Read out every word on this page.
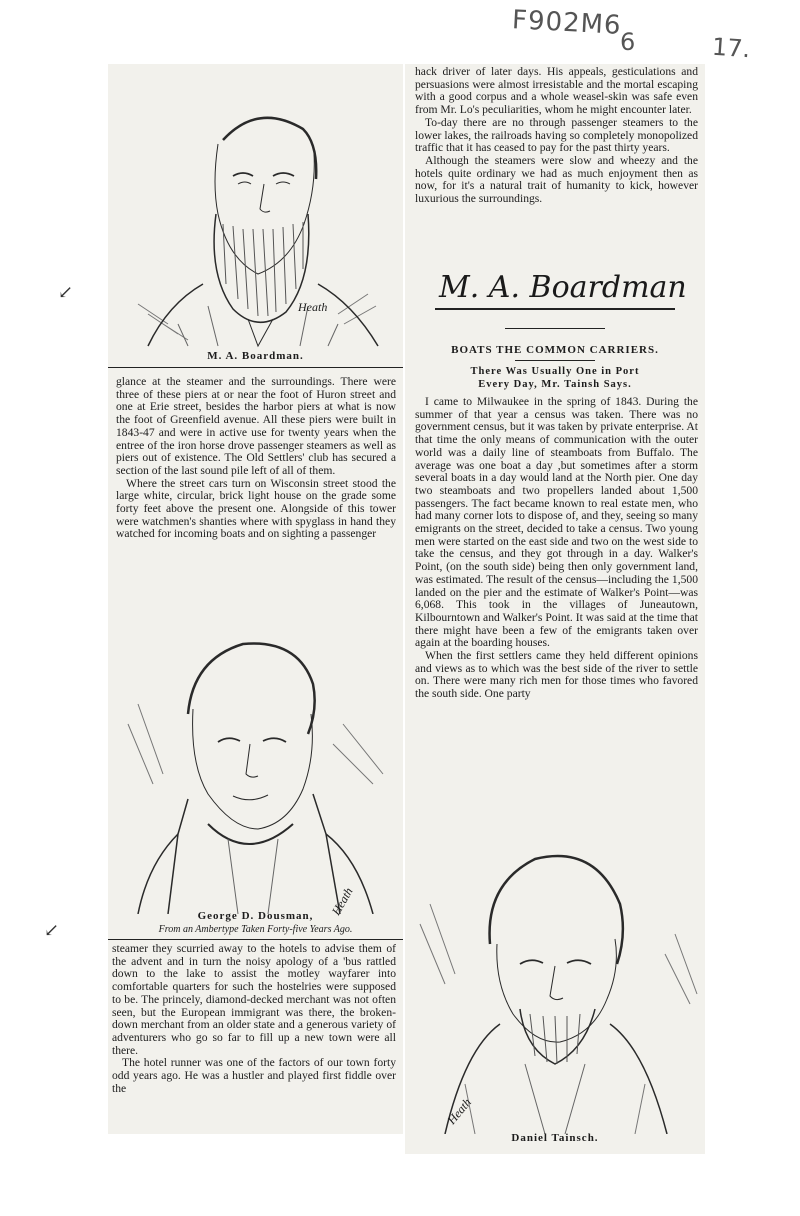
F902M6
6	17.
↙
↙
Heath
M. A. Boardman.

glance at the steamer and the surroundings. There were three of these piers at or near the foot of Huron street and one at Erie street, besides the harbor piers at what is now the foot of Greenfield avenue. All these piers were built in 1843-47 and were in active use for twenty years when the entree of the iron horse drove passenger steamers as well as piers out of existence. The Old Settlers' club has secured a section of the last sound pile left of all of them.

Where the street cars turn on Wisconsin street stood the large white, circular, brick light house on the grade some forty feet above the present one. Alongside of this tower were watchmen's shanties where with spyglass in hand they watched for incoming boats and on sighting a passenger

Heath
George D. Dousman,
From an Ambertype Taken Forty-five Years Ago.

steamer they scurried away to the hotels to advise them of the advent and in turn the noisy apology of a 'bus rattled down to the lake to assist the motley wayfarer into comfortable quarters for such the hostelries were supposed to be. The princely, diamond-decked merchant was not often seen, but the European immigrant was there, the broken-down merchant from an older state and a generous variety of adventurers who go so far to fill up a new town were all there.

The hotel runner was one of the factors of our town forty odd years ago. He was a hustler and played first fiddle over the

hack driver of later days. His appeals, gesticulations and persuasions were almost irresistable and the mortal escaping with a good corpus and a whole weasel-skin was safe even from Mr. Lo's peculiarities, whom he might encounter later.

To-day there are no through passenger steamers to the lower lakes, the railroads having so completely monopolized traffic that it has ceased to pay for the past thirty years.

Although the steamers were slow and wheezy and the hotels quite ordinary we had as much enjoyment then as now, for it's a natural trait of humanity to kick, however luxurious the surroundings.

M. A. Boardman
BOATS THE COMMON CARRIERS.
There Was Usually One in Port
Every Day, Mr. Tainsh Says.

I came to Milwaukee in the spring of 1843. During the summer of that year a census was taken. There was no government census, but it was taken by private enterprise. At that time the only means of communication with the outer world was a daily line of steamboats from Buffalo. The average was one boat a day ,but sometimes after a storm several boats in a day would land at the North pier. One day two steamboats and two propellers landed about 1,500 passengers. The fact became known to real estate men, who had many corner lots to dispose of, and they, seeing so many emigrants on the street, decided to take a census. Two young men were started on the east side and two on the west side to take the census, and they got through in a day. Walker's Point, (on the south side) being then only government land, was estimated. The result of the census—including the 1,500 landed on the pier and the estimate of Walker's Point—was 6,068. This took in the villages of Juneautown, Kilbourntown and Walker's Point. It was said at the time that there might have been a few of the emigrants taken over again at the boarding houses.

When the first settlers came they held different opinions and views as to which was the best side of the river to settle on. There were many rich men for those times who favored the south side. One party

Heath
Daniel Tainsch.
